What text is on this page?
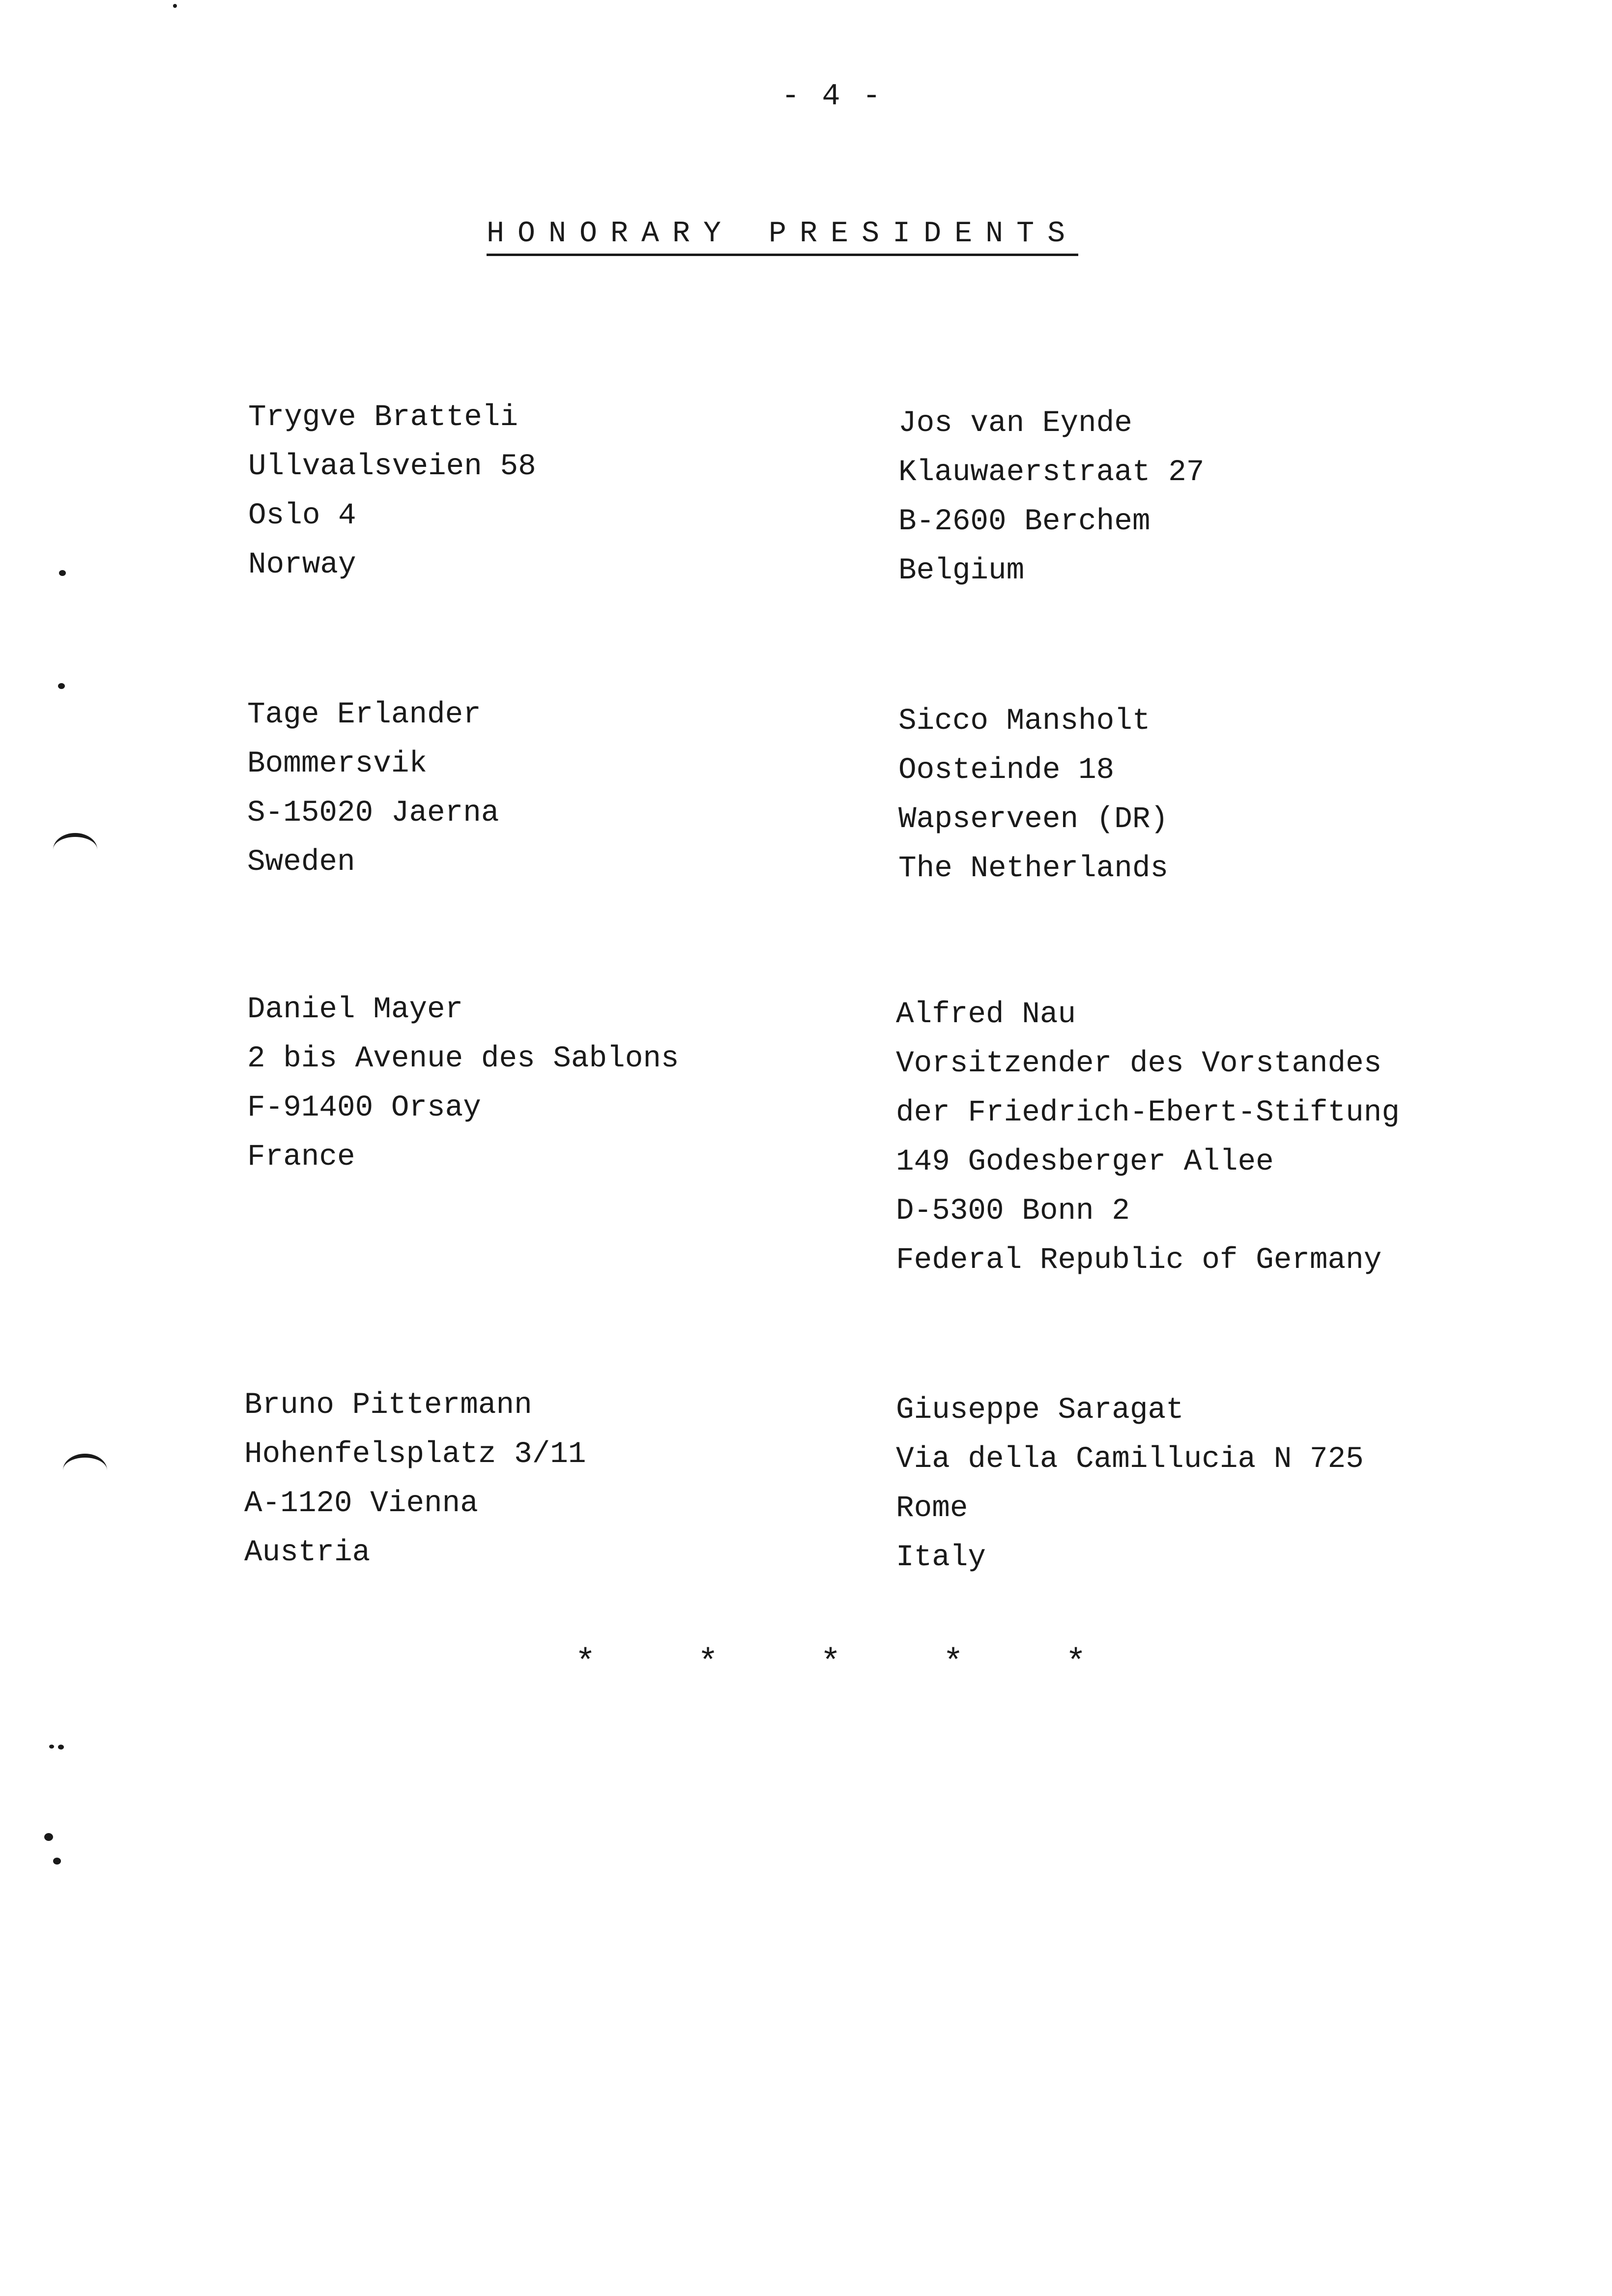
- 4 -
HONORARY PRESIDENTS
Trygve Bratteli
Ullvaalsveien 58
Oslo 4
Norway
Jos van Eynde
Klauwaerstraat 27
B-2600 Berchem
Belgium
Tage Erlander
Bommersvik
S-15020 Jaerna
Sweden
Sicco Mansholt
Oosteinde 18
Wapserveen (DR)
The Netherlands
Daniel Mayer
2 bis Avenue des Sablons
F-91400 Orsay
France
Alfred Nau
Vorsitzender des Vorstandes
der Friedrich-Ebert-Stiftung
149 Godesberger Allee
D-5300 Bonn 2
Federal Republic of Germany
Bruno Pittermann
Hohenfelsplatz 3/11
A-1120 Vienna
Austria
Giuseppe Saragat
Via della Camillucia N 725
Rome
Italy
*	*	*	*	*
